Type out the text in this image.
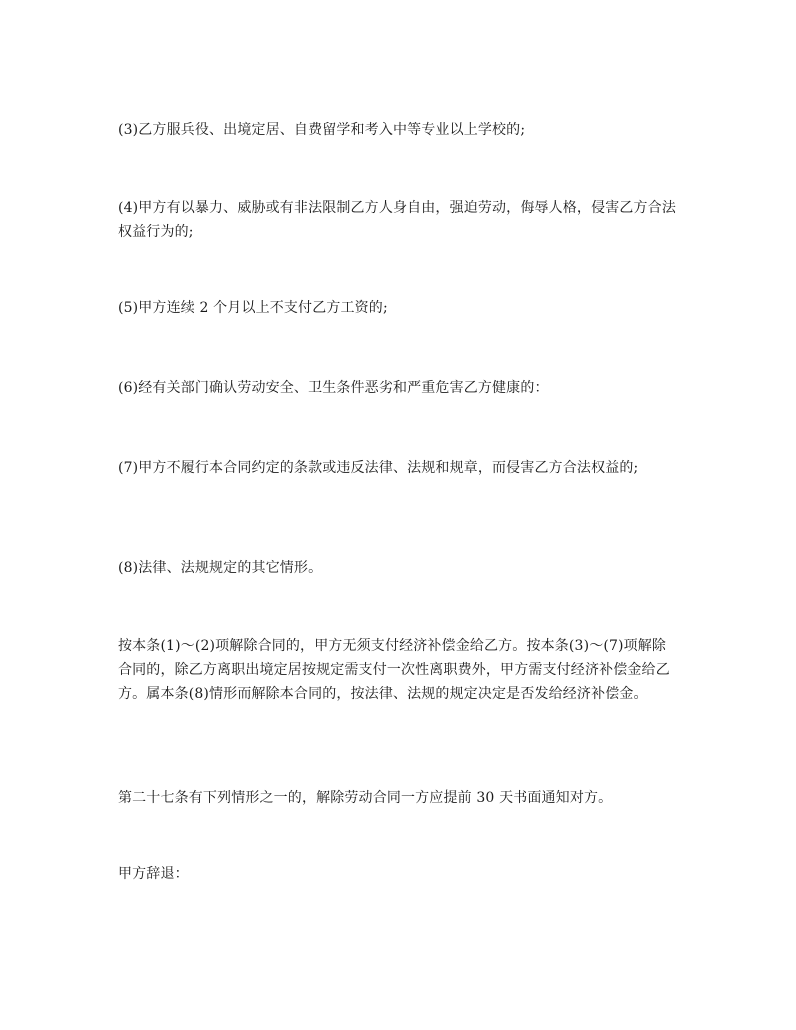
(3)乙方服兵役、出境定居、自费留学和考入中等专业以上学校的;

(4)甲方有以暴力、威胁或有非法限制乙方人身自由，强迫劳动，侮辱人格，侵害乙方合法权益行为的;

(5)甲方连续 2 个月以上不支付乙方工资的;

(6)经有关部门确认劳动安全、卫生条件恶劣和严重危害乙方健康的：

(7)甲方不履行本合同约定的条款或违反法律、法规和规章，而侵害乙方合法权益的;

(8)法律、法规规定的其它情形。

按本条(1)～(2)项解除合同的，甲方无须支付经济补偿金给乙方。按本条(3)～(7)项解除合同的，除乙方离职出境定居按规定需支付一次性离职费外，甲方需支付经济补偿金给乙方。属本条(8)情形而解除本合同的，按法律、法规的规定决定是否发给经济补偿金。

第二十七条有下列情形之一的，解除劳动合同一方应提前 30 天书面通知对方。

甲方辞退：
